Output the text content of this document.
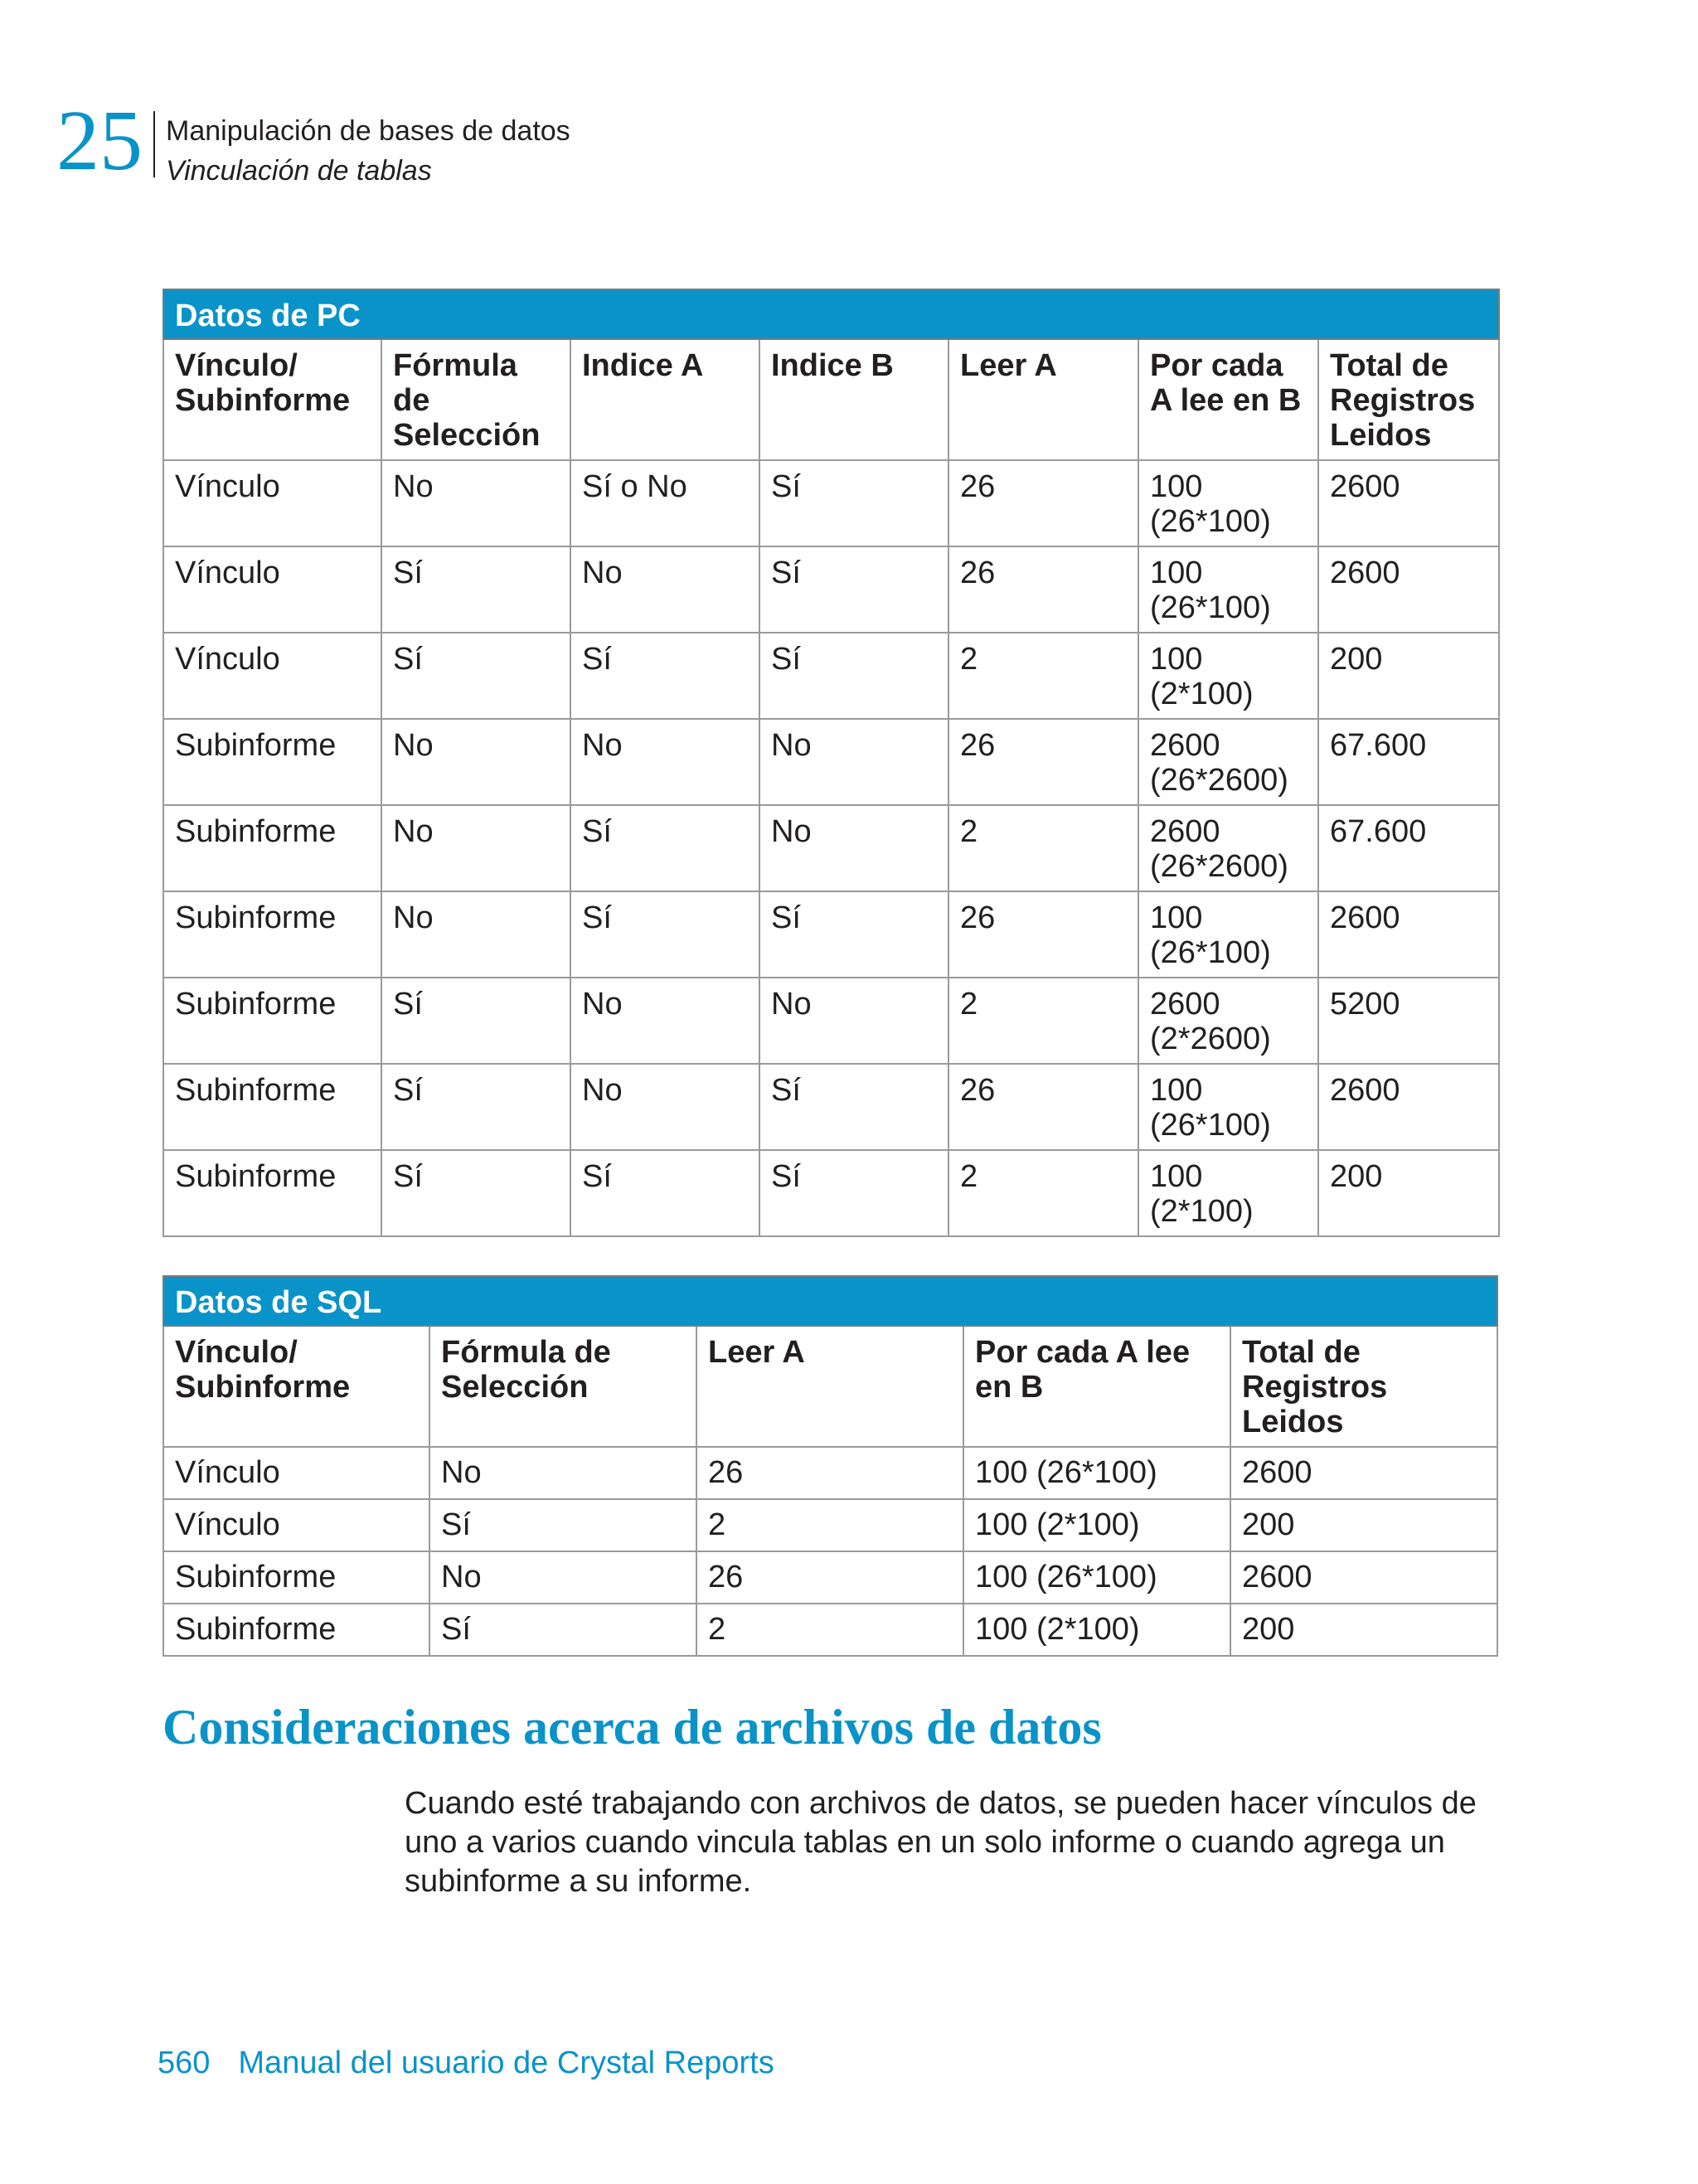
25 Manipulación de bases de datos
Vinculación de tablas
Datos de PC						
Vínculo/ Subinforme	Fórmula de Selección	Indice A	Indice B	Leer A	Por cada A lee en B	Total de Registros Leidos
Vínculo	No	Sí o No	Sí	26	100 (26*100)	2600
Vínculo	Sí	No	Sí	26	100 (26*100)	2600
Vínculo	Sí	Sí	Sí	2	100 (2*100)	200
Subinforme	No	No	No	26	2600 (26*2600)	67.600
Subinforme	No	Sí	No	2	2600 (26*2600)	67.600
Subinforme	No	Sí	Sí	26	100 (26*100)	2600
Subinforme	Sí	No	No	2	2600 (2*2600)	5200
Subinforme	Sí	No	Sí	26	100 (26*100)	2600
Subinforme	Sí	Sí	Sí	2	100 (2*100)	200
Datos de SQL				
Vínculo/ Subinforme	Fórmula de Selección	Leer A	Por cada A lee en B	Total de Registros Leidos
Vínculo	No	26	100 (26*100)	2600
Vínculo	Sí	2	100 (2*100)	200
Subinforme	No	26	100 (26*100)	2600
Subinforme	Sí	2	100 (2*100)	200
Consideraciones acerca de archivos de datos
Cuando esté trabajando con archivos de datos, se pueden hacer vínculos de uno a varios cuando vincula tablas en un solo informe o cuando agrega un subinforme a su informe.
560 Manual del usuario de Crystal Reports
